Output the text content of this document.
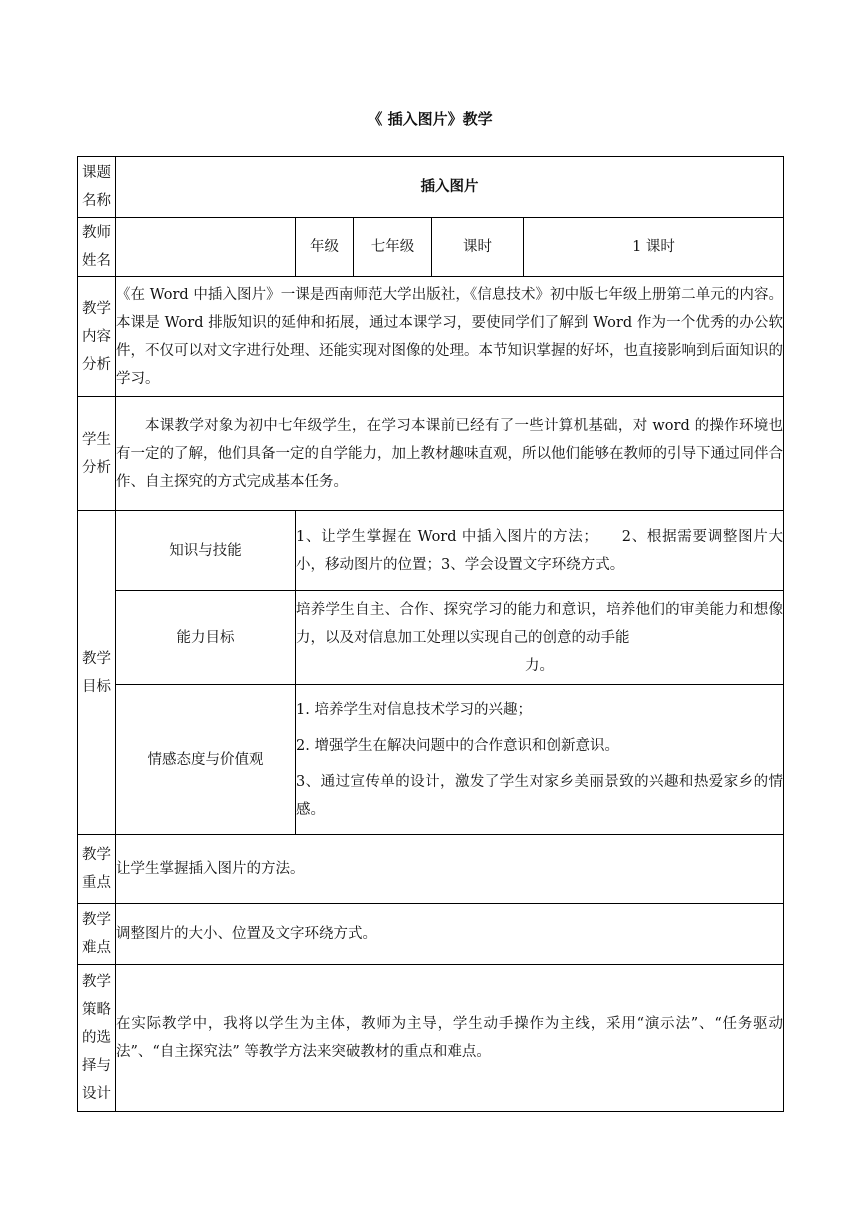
《 插入图片》教学
课题名称	插入图片				
教师姓名		年级	七年级	课时	1 课时
教学内容分析	《在 Word 中插入图片》一课是西南师范大学出版社，《信息技术》初中版七年级上册第二单元的内容。本课是 Word 排版知识的延伸和拓展，通过本课学习，要使同学们了解到 Word 作为一个优秀的办公软件，不仅可以对文字进行处理、还能实现对图像的处理。本节知识掌握的好坏，也直接影响到后面知识的学习。				
学生分析	本课教学对象为初中七年级学生，在学习本课前已经有了一些计算机基础，对 word 的操作环境也有一定的了解，他们具备一定的自学能力，加上教材趣味直观，所以他们能够在教师的引导下通过同伴合作、自主探究的方式完成基本任务。				
教学目标	知识与技能	1、让学生掌握在 Word 中插入图片的方法；　　2、根据需要调整图片大小，移动图片的位置；3、学会设置文字环绕方式。			
	能力目标	培养学生自主、合作、探究学习的能力和意识，培养他们的审美能力和想像力，以及对信息加工处理以实现自己的创意的动手能
力。			

	情感态度与价值观	1. 培养学生对信息技术学习的兴趣；

2. 增强学生在解决问题中的合作意识和创新意识。

3、通过宣传单的设计，激发了学生对家乡美丽景致的兴趣和热爱家乡的情感。			

教学重点	让学生掌握插入图片的方法。				
教学难点	调整图片的大小、位置及文字环绕方式。				
教学策略的选择与设计	在实际教学中，我将以学生为主体，教师为主导，学生动手操作为主线，采用“演示法”、“任务驱动法”、“自主探究法” 等教学方法来突破教材的重点和难点。				
